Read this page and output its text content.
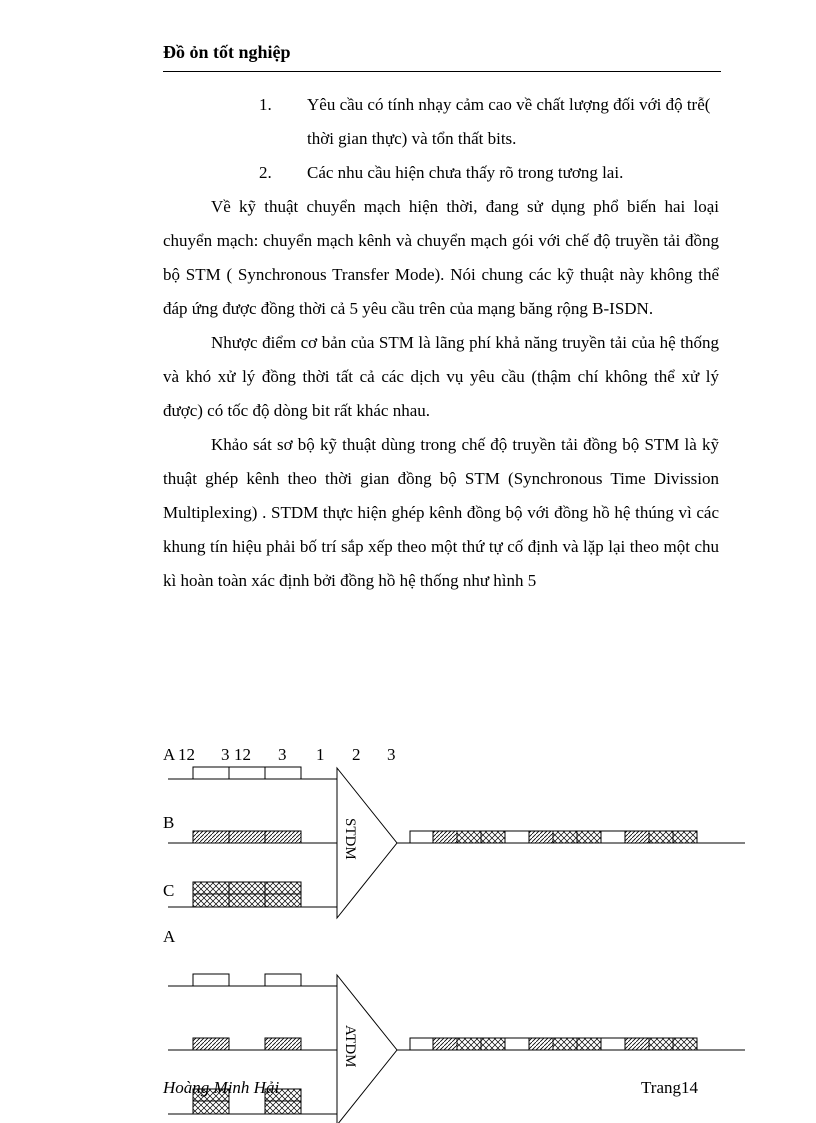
Đồ ỏn tốt nghiệp
1.	Yêu cầu có tính nhạy cảm cao về chất lượng đối với độ trễ( thời gian thực) và tổn thất bits.
2.	Các nhu cầu hiện chưa thấy rõ trong tương lai.

Về kỹ thuật chuyển mạch hiện thời, đang sử dụng phổ biến hai loại chuyển mạch: chuyển mạch kênh và chuyển mạch gói với chế độ truyền tải đồng bộ STM ( Synchronous Transfer Mode). Nói chung các kỹ thuật này không thể đáp ứng được đồng thời cả 5 yêu cầu trên của mạng băng rộng B-ISDN.

Nhược điểm cơ bản của STM là lãng phí khả năng truyền tải của hệ thống và khó xử lý đồng thời tất cả các dịch vụ yêu cầu (thậm chí không thể xử lý được) có tốc độ dòng bit rất khác nhau.

Khảo sát sơ bộ kỹ thuật dùng trong chế độ truyền tải đồng bộ STM là kỹ thuật ghép kênh theo thời gian đồng bộ STM (Synchronous Time Divission Multiplexing) . STDM thực hiện ghép kênh đồng bộ với đồng hồ hệ thúng vì các khung tín hiệu phải bố trí sắp xếp theo một thứ tự cố định và lặp lại theo một chu kì hoàn toàn xác định bởi đồng hồ hệ thống như hình 5

A 12 3 12 3 1 2 3
B
C
STDM
A
ATDM
Hoàng Minh Hải	Trang14
